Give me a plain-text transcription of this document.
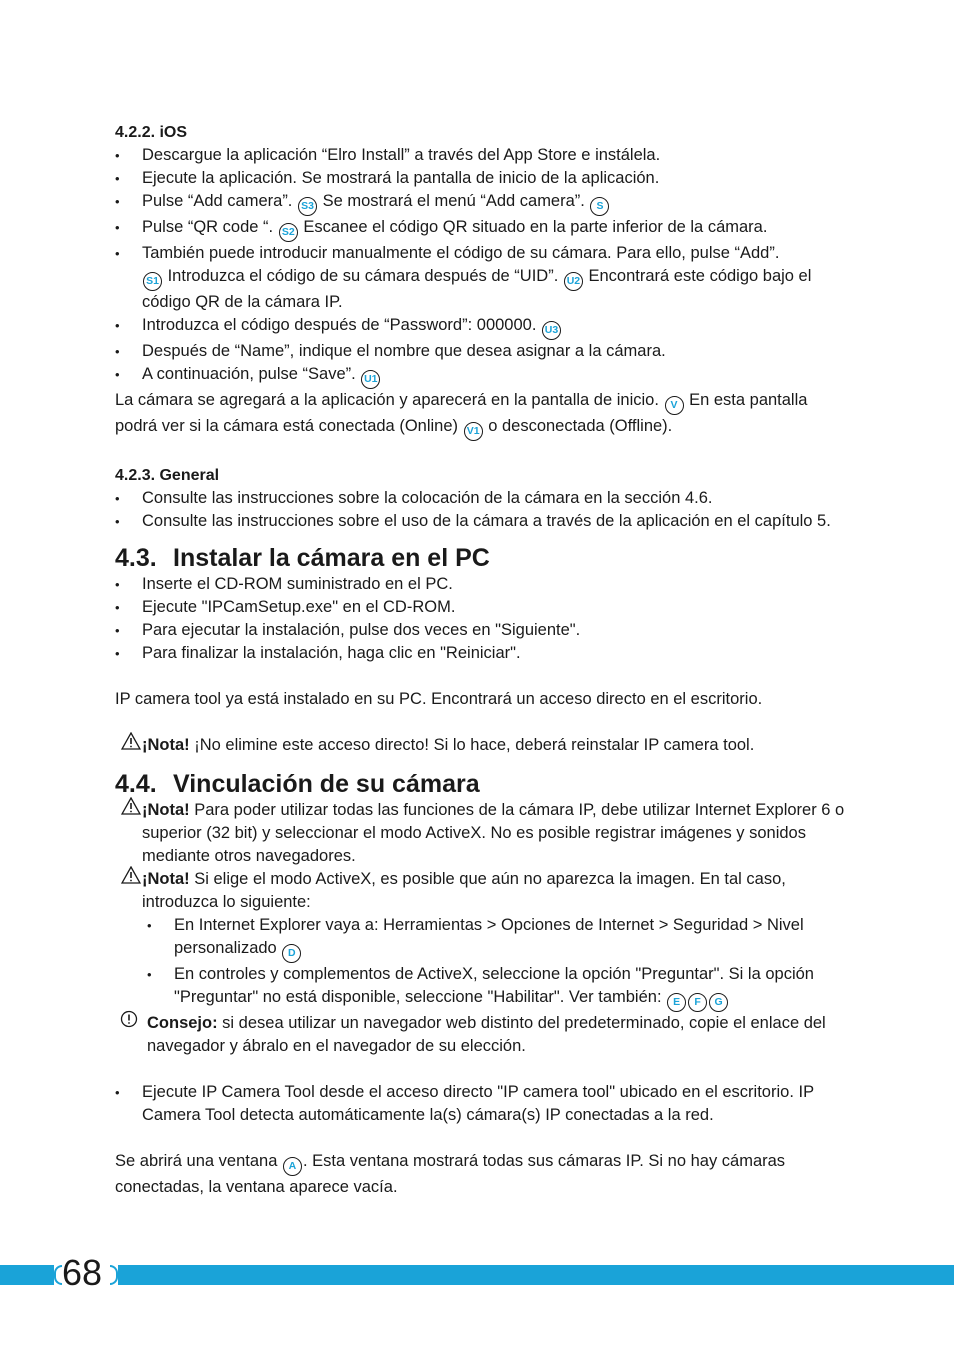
4.2.2. iOS

• Descargue la aplicación “Elro Install” a través del App Store e instálela.
• Ejecute la aplicación. Se mostrará la pantalla de inicio de la aplicación.
• Pulse “Add camera”. S3 Se mostrará el menú “Add camera”. S
• Pulse “QR code “. S2 Escanee el código QR situado en la parte inferior de la cámara.
• También puede introducir manualmente el código de su cámara. Para ello, pulse “Add”.
S1 Introduzca el código de su cámara después de “UID”. U2 Encontrará este código bajo el código QR de la cámara IP.
• Introduzca el código después de “Password”: 000000. U3
• Después de “Name”, indique el nombre que desea asignar a la cámara.
• A continuación, pulse “Save”. U1

La cámara se agregará a la aplicación y aparecerá en la pantalla de inicio. V En esta pantalla podrá ver si la cámara está conectada (Online) V1 o desconectada (Offline).

4.2.3. General

• Consulte las instrucciones sobre la colocación de la cámara en la sección 4.6.
• Consulte las instrucciones sobre el uso de la cámara a través de la aplicación en el capítulo 5.
4.3. Instalar la cámara en el PC
• Inserte el CD-ROM suministrado en el PC.
• Ejecute "IPCamSetup.exe" en el CD-ROM.
• Para ejecutar la instalación, pulse dos veces en "Siguiente".
• Para finalizar la instalación, haga clic en "Reiniciar".

IP camera tool ya está instalado en su PC. Encontrará un acceso directo en el escritorio.

¡Nota! ¡No elimine este acceso directo! Si lo hace, deberá reinstalar IP camera tool.
4.4. Vinculación de su cámara
¡Nota! Para poder utilizar todas las funciones de la cámara IP, debe utilizar Internet Explorer 6 o superior (32 bit) y seleccionar el modo ActiveX. No es posible registrar imágenes y sonidos mediante otros navegadores.
¡Nota! Si elige el modo ActiveX, es posible que aún no aparezca la imagen. En tal caso, introduzca lo siguiente:
• En Internet Explorer vaya a: Herramientas > Opciones de Internet > Seguridad > Nivel personalizado D
• En controles y complementos de ActiveX, seleccione la opción "Preguntar". Si la opción "Preguntar" no está disponible, seleccione "Habilitar". Ver también: E F G
Consejo: si desea utilizar un navegador web distinto del predeterminado, copie el enlace del navegador y ábralo en el navegador de su elección.
• Ejecute IP Camera Tool desde el acceso directo "IP camera tool" ubicado en el escritorio. IP Camera Tool detecta automáticamente la(s) cámara(s) IP conectadas a la red.

Se abrirá una ventana A . Esta ventana mostrará todas sus cámaras IP. Si no hay cámaras conectadas, la ventana aparece vacía.

68
